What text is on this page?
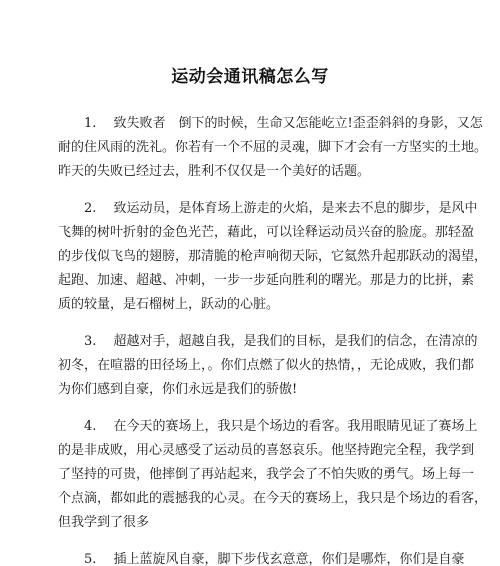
运动会通讯稿怎么写
1.　 致失败者　倒下的时候，生命又怎能屹立!歪歪斜斜的身影，又怎
耐的住风雨的洗礼。你若有一个不屈的灵魂，脚下才会有一方坚实的土地。
昨天的失败已经过去，胜利不仅仅是一个美好的话题。
2.　 致运动员，是体育场上游走的火焰，是来去不息的脚步，是风中
飞舞的树叶折射的金色光芒，藉此，可以诠释运动员兴奋的脸庞。那轻盈
的步伐似飞鸟的翅膀，那清脆的枪声响彻天际，它氦然升起那跃动的渴望，
起跑、加速、超越、冲刺，一步一步延向胜利的曙光。那是力的比拼，素
质的较量，是石榴树上，跃动的心脏。
3.　 超越对手，超越自我，是我们的目标，是我们的信念，在清凉的
初冬，在喧嚣的田径场上，。你们点燃了似火的热情，，无论成败，我们都
为你们感到自豪，你们永远是我们的骄傲!
4.　 在今天的赛场上，我只是个场边的看客。我用眼睛见证了赛场上
的是非成败，用心灵感受了运动员的喜怒哀乐。他坚持跑完全程，我学到
了坚持的可贵，他摔倒了再站起来，我学会了不怕失败的勇气。场上每一
个点滴，都如此的震撼我的心灵。在今天的赛场上，我只是个场边的看客，
但我学到了很多
5.　 插上蓝旋风自豪，脚下步伐玄意意，你们是哪炸，你们是自豪
